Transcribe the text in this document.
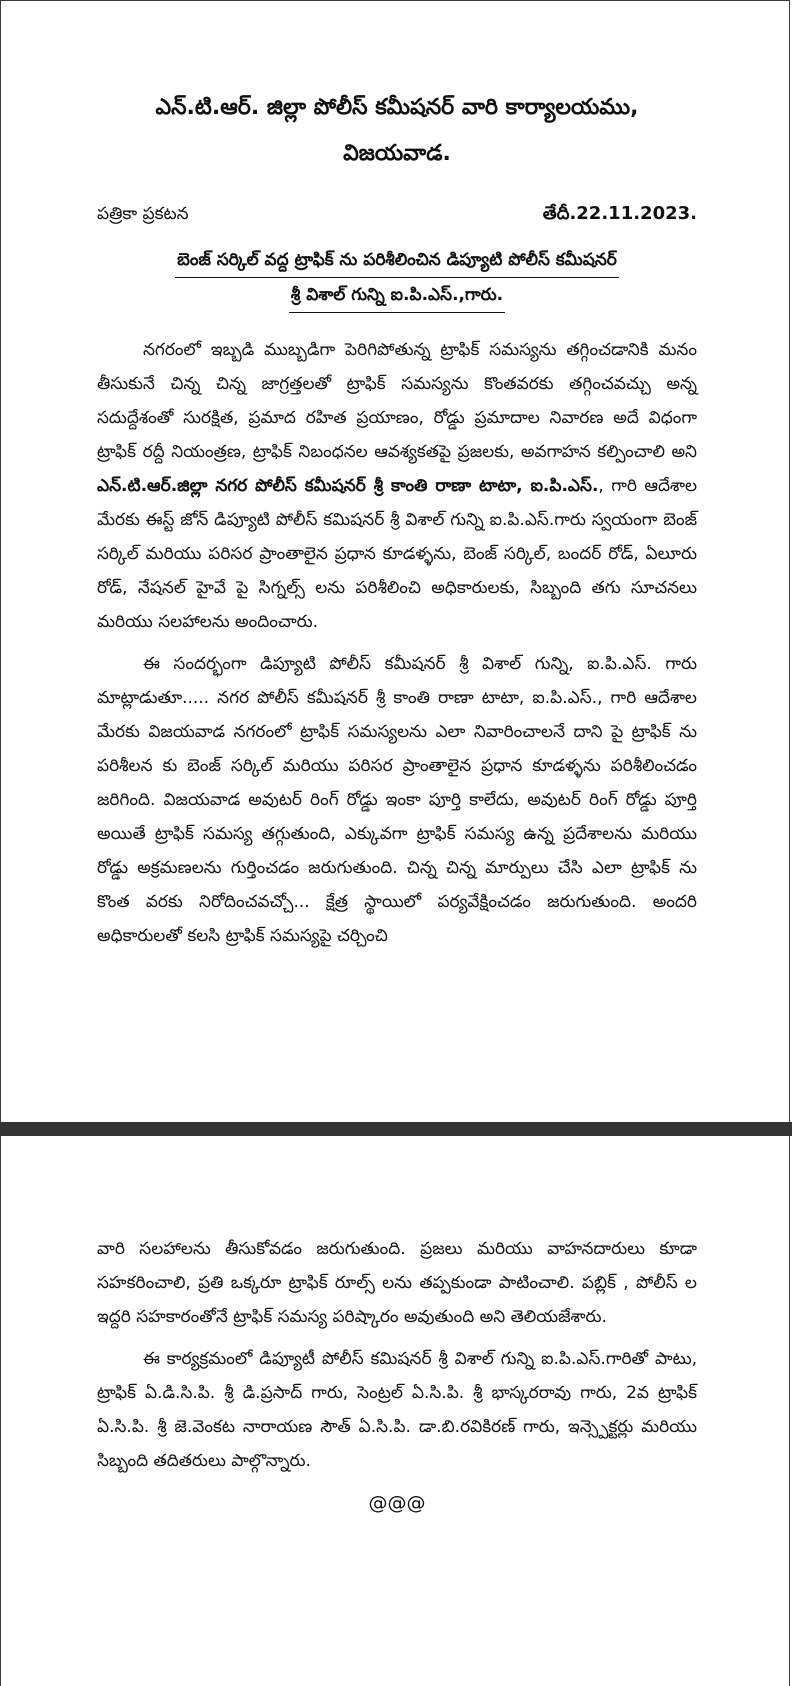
ఎన్.టి.ఆర్. జిల్లా పోలీస్ కమీషనర్ వారి కార్యాలయము,

విజయవాడ.

పత్రికా ప్రకటన	తేదీ.22.11.2023.
బెంజ్ సర్కిల్ వద్ద ట్రాఫిక్ ను పరిశీలించిన డిప్యూటి పోలీస్ కమీషనర్
శ్రీ విశాల్ గున్ని ఐ.పి.ఎస్.,గారు.

నగరంలో ఇబ్బడి ముబ్బడిగా పెరిగిపోతున్న ట్రాఫిక్ సమస్యను తగ్గించడానికి మనం తీసుకునే చిన్న చిన్న జాగ్రత్తలతో ట్రాఫిక్ సమస్యను కొంతవరకు తగ్గించవచ్చు అన్న సదుద్దేశంతో సురక్షిత, ప్రమాద రహిత ప్రయాణం, రోడ్డు ప్రమాదాల నివారణ అదే విధంగా ట్రాఫిక్ రద్దీ నియంత్రణ, ట్రాఫిక్ నిబంధనల ఆవశ్యకతపై ప్రజలకు, అవగాహన కల్పించాలి అని ఎన్.టి.ఆర్.జిల్లా నగర పోలీస్ కమీషనర్ శ్రీ కాంతి రాణా టాటా, ఐ.పి.ఎస్., గారి ఆదేశాల మేరకు ఈస్ట్ జోన్ డిప్యూటి పోలీస్ కమిషనర్ శ్రీ విశాల్ గున్ని ఐ.పి.ఎస్.గారు స్వయంగా బెంజ్ సర్కిల్ మరియు పరిసర ప్రాంతాలైన ప్రధాన కూడళ్ళను, బెంజ్ సర్కిల్, బందర్ రోడ్, ఏలూరు రోడ్, నేషనల్ హైవే పై సిగ్నల్స్ లను పరిశీలించి అధికారులకు, సిబ్బంది తగు సూచనలు మరియు సలహాలను అందించారు.

ఈ సందర్భంగా డిప్యూటి పోలీస్ కమీషనర్ శ్రీ విశాల్ గున్ని, ఐ.పి.ఎస్. గారు మాట్లాడుతూ..... నగర పోలీస్ కమీషనర్ శ్రీ కాంతి రాణా టాటా, ఐ.పి.ఎస్., గారి ఆదేశాల మేరకు విజయవాడ నగరంలో ట్రాఫిక్ సమస్యలను ఎలా నివారించాలనే దాని పై ట్రాఫిక్ ను పరిశీలన కు బెంజ్ సర్కిల్ మరియు పరిసర ప్రాంతాలైన ప్రధాన కూడళ్ళను పరిశీలించడం జరిగింది. విజయవాడ అవుటర్ రింగ్ రోడ్డు ఇంకా పూర్తి కాలేదు, అవుటర్ రింగ్ రోడ్డు పూర్తి అయితే ట్రాఫిక్ సమస్య తగ్గుతుంది, ఎక్కువగా ట్రాఫిక్ సమస్య ఉన్న ప్రదేశాలను మరియు రోడ్డు అక్రమణలను గుర్తించడం జరుగుతుంది. చిన్న చిన్న మార్పులు చేసి ఎలా ట్రాఫిక్ ను కొంత వరకు నిరోదించవచ్చో... క్షేత్ర స్థాయిలో పర్యవేక్షించడం జరుగుతుంది. అందరి అధికారులతో కలసి ట్రాఫిక్ సమస్యపై చర్చించి

వారి సలహాలను తీసుకోవడం జరుగుతుంది. ప్రజలు మరియు వాహనదారులు కూడా సహకరించాలి, ప్రతి ఒక్కరూ ట్రాఫిక్ రూల్స్ లను తప్పకుండా పాటించాలి. పబ్లిక్ , పోలీస్ ల ఇద్దరి సహకారంతోనే ట్రాఫిక్ సమస్య పరిష్కారం అవుతుంది అని తెలియజేశారు.

ఈ కార్యక్రమంలో డిప్యూటీ పోలీస్ కమిషనర్ శ్రీ విశాల్ గున్ని ఐ.పి.ఎస్.గారితో పాటు, ట్రాఫిక్ ఏ.డి.సి.పి. శ్రీ డి.ప్రసాద్ గారు, సెంట్రల్ ఏ.సి.పి. శ్రీ భాస్కరరావు గారు, 2వ ట్రాఫిక్ ఏ.సి.పి. శ్రీ జె.వెంకట నారాయణ సౌత్ ఏ.సి.పి. డా.బి.రవికిరణ్ గారు, ఇన్స్పెక్టర్లు మరియు సిబ్బంది తదితరులు పాల్గొన్నారు.

@@@
